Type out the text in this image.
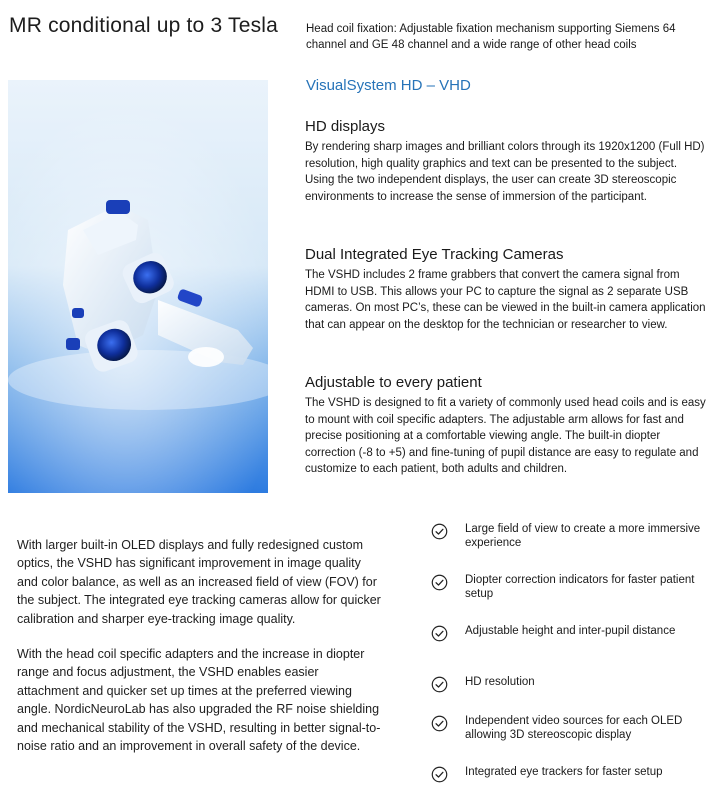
MR conditional up to 3 Tesla	Head coil fixation: Adjustable fixation mechanism supporting Siemens 64 channel and GE 48 channel and a wide range of other head coils
VisualSystem HD – VHD
HD displays

By rendering sharp images and brilliant colors through its 1920x1200 (Full HD) resolution, high quality graphics and text can be presented to the subject. Using the two independent displays, the user can create 3D stereoscopic environments to increase the sense of immersion of the participant.

Dual Integrated Eye Tracking Cameras

The VSHD includes 2 frame grabbers that convert the camera signal from HDMI to USB. This allows your PC to capture the signal as 2 separate USB cameras. On most PC’s, these can be viewed in the built-in camera application that can appear on the desktop for the technician or researcher to view.

Adjustable to every patient

The VSHD is designed to fit a variety of commonly used head coils and is easy to mount with coil specific adapters. The adjustable arm allows for fast and precise positioning at a comfortable viewing angle. The built-in diopter correction (-8 to +5) and fine-tuning of pupil distance are easy to regulate and customize to each patient, both adults and children.

With larger built-in OLED displays and fully redesigned custom optics, the VSHD has significant improvement in image quality and color balance, as well as an increased field of view (FOV) for the subject. The integrated eye tracking cameras allow for quicker calibration and sharper eye-tracking image quality.

With the head coil specific adapters and the increase in diopter range and focus adjustment, the VSHD enables easier attachment and quicker set up times at the preferred viewing angle. NordicNeuroLab has also upgraded the RF noise shielding and mechanical stability of the VSHD, resulting in better signal-to-noise ratio and an improvement in overall safety of the device.

Large field of view to create a more immersive experience
Diopter correction indicators for faster patient setup
Adjustable height and inter-pupil distance
HD resolution
Independent video sources for each OLED allowing 3D stereoscopic display
Integrated eye trackers for faster setup
